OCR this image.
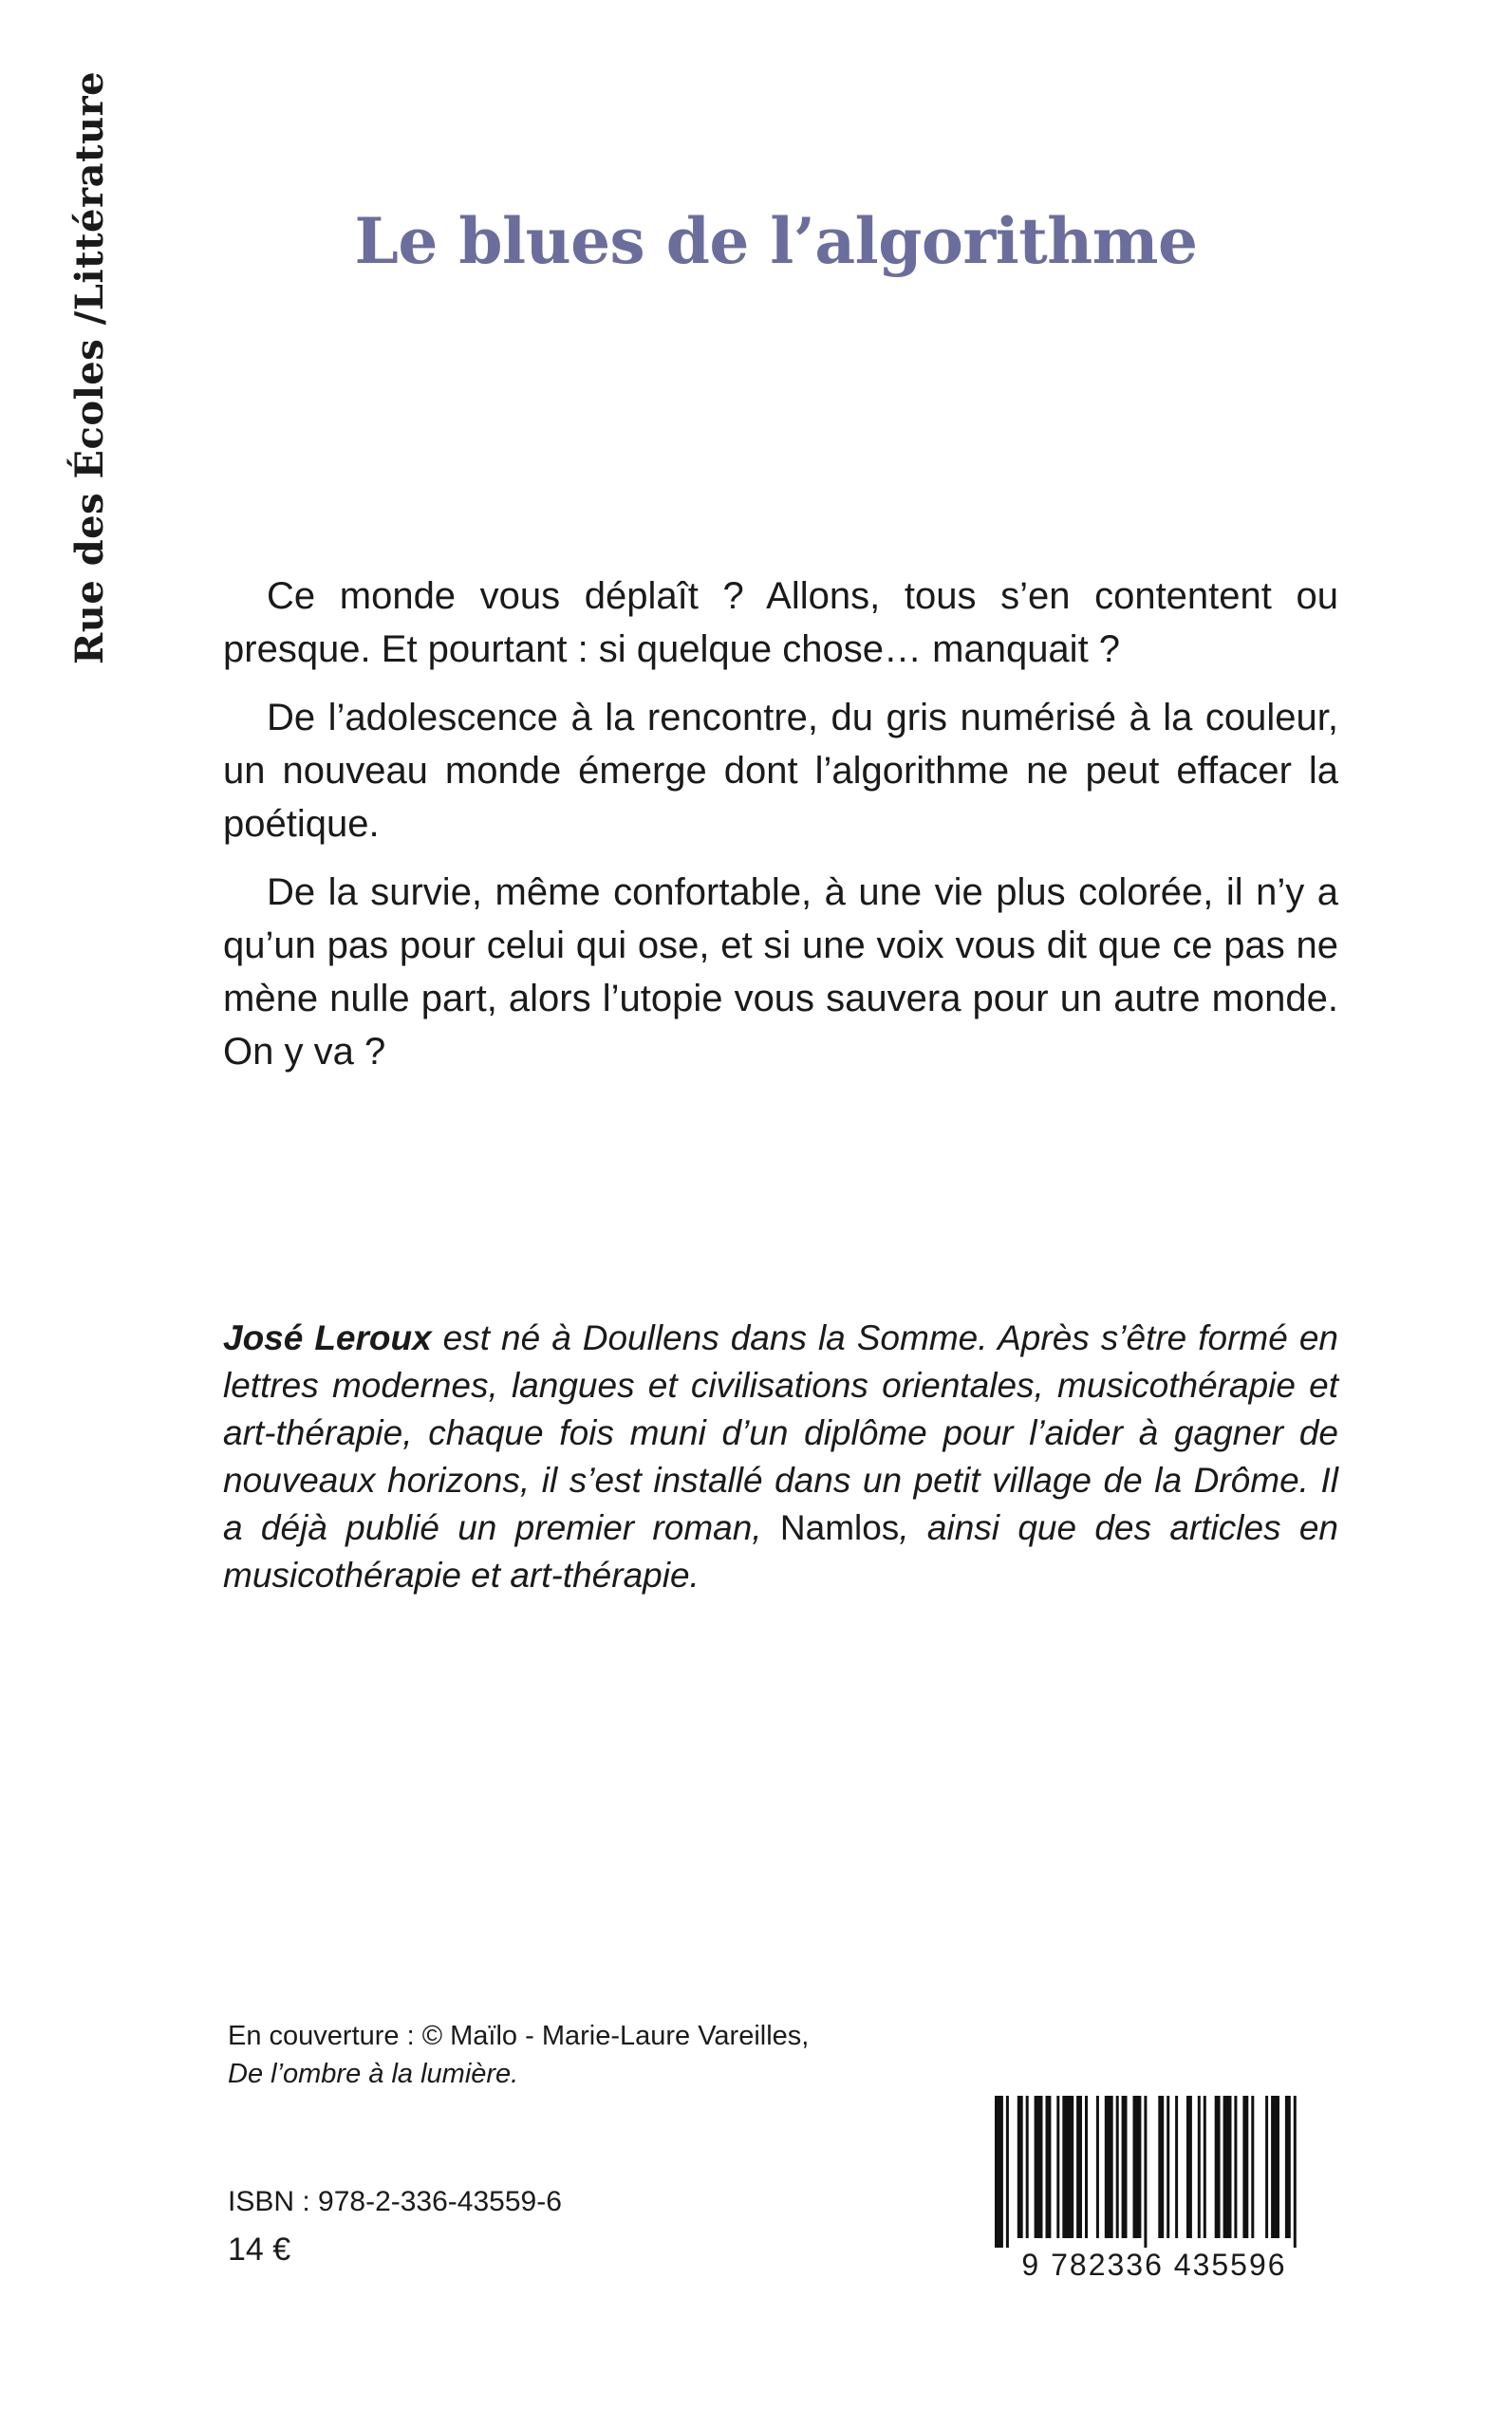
Rue des Écoles /Littérature	Le blues de l’algorithme

Ce monde vous déplaît ? Allons, tous s’en contentent ou presque. Et pourtant : si quelque chose… manquait ?

De l’adolescence à la rencontre, du gris numérisé à la couleur, un nouveau monde émerge dont l’algorithme ne peut effacer la poétique.

De la survie, même confortable, à une vie plus colorée, il n’y a qu’un pas pour celui qui ose, et si une voix vous dit que ce pas ne mène nulle part, alors l’utopie vous sauvera pour un autre monde. On y va ?

José Leroux est né à Doullens dans la Somme. Après s’être formé en lettres modernes, langues et civilisations orientales, musicothérapie et art-thérapie, chaque fois muni d’un diplôme pour l’aider à gagner de nouveaux horizons, il s’est installé dans un petit village de la Drôme. Il a déjà publié un premier roman, Namlos, ainsi que des articles en musicothérapie et art-thérapie.
En couverture : © Maïlo - Marie-Laure Vareilles,
De l’ombre à la lumière.
ISBN : 978-2-336-43559-6
14 €	9 782336 435596
